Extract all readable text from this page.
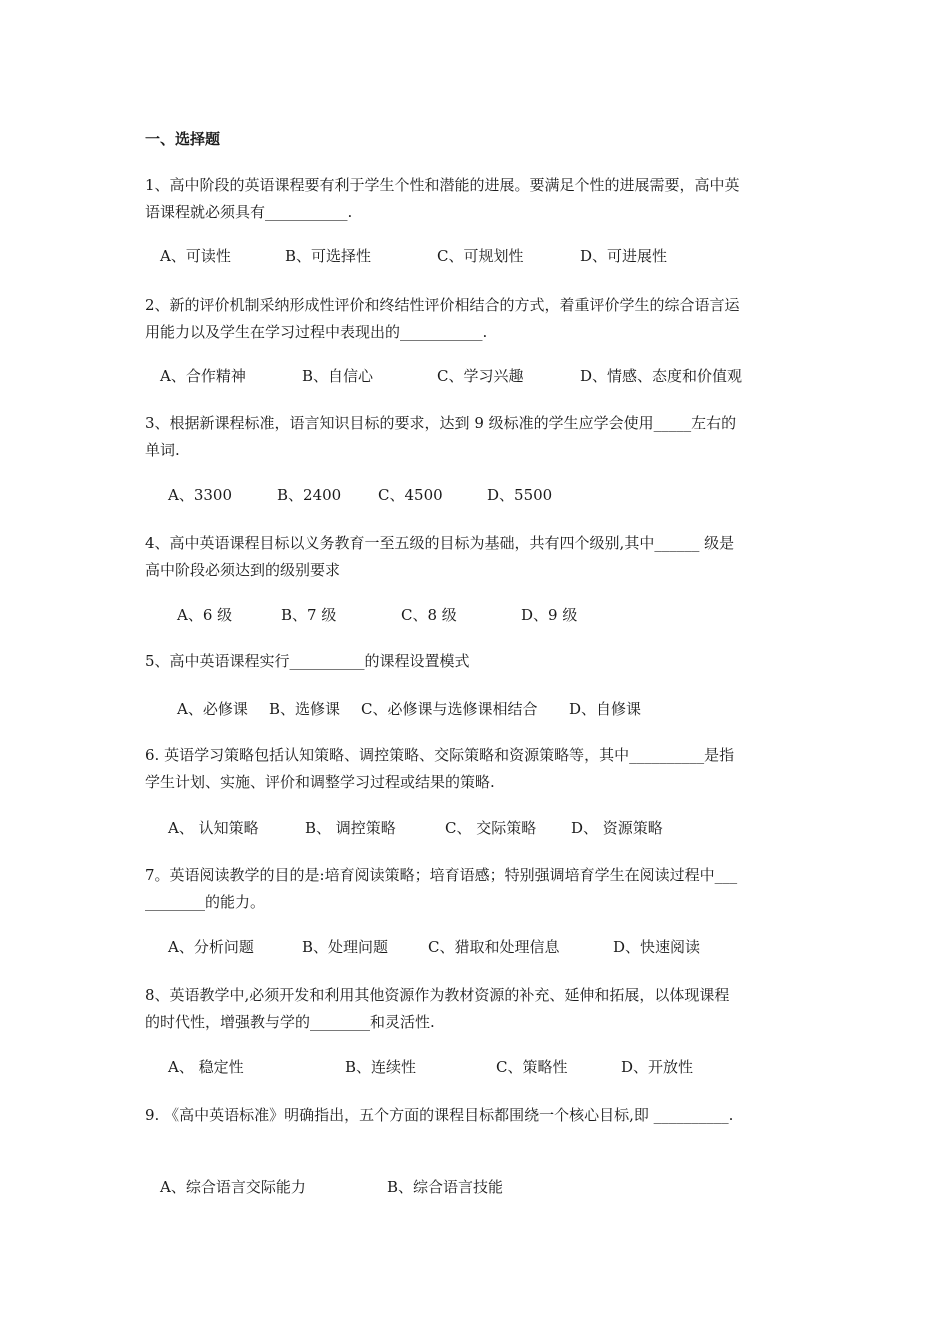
一、选择题
1、高中阶段的英语课程要有利于学生个性和潜能的进展。要满足个性的进展需要，高中英
语课程就必须具有___________.
A、可读性	B、可选择性	C、可规划性	D、可进展性
2、新的评价机制采纳形成性评价和终结性评价相结合的方式，着重评价学生的综合语言运
用能力以及学生在学习过程中表现出的___________.
A、合作精神	B、自信心	C、学习兴趣	D、情感、态度和价值观
3、根据新课程标准，语言知识目标的要求，达到 9 级标准的学生应学会使用_____左右的
单词.
A、3300	B、2400 C、4500	D、5500
4、高中英语课程目标以义务教育一至五级的目标为基础，共有四个级别,其中______ 级是
高中阶段必须达到的级别要求
A、6 级	B、7 级	C、8 级	D、9 级
5、高中英语课程实行__________的课程设置模式
A、必修课 B、选修课 C、必修课与选修课相结合 D、自修课
6. 英语学习策略包括认知策略、调控策略、交际策略和资源策略等，其中__________是指
学生计划、实施、评价和调整学习过程或结果的策略.
A、 认知策略	B、 调控策略	C、 交际策略 D、 资源策略
7。英语阅读教学的目的是:培育阅读策略；培育语感；特别强调培育学生在阅读过程中___
________的能力。
A、分析问题	B、处理问题	C、猎取和处理信息	D、快速阅读
8、英语教学中,必须开发和利用其他资源作为教材资源的补充、延伸和拓展，以体现课程
的时代性，增强教与学的________和灵活性.
A、 稳定性	B、连续性	C、策略性	D、开放性
9. 《高中英语标准》明确指出，五个方面的课程目标都围绕一个核心目标,即 __________.
A、综合语言交际能力	B、综合语言技能
